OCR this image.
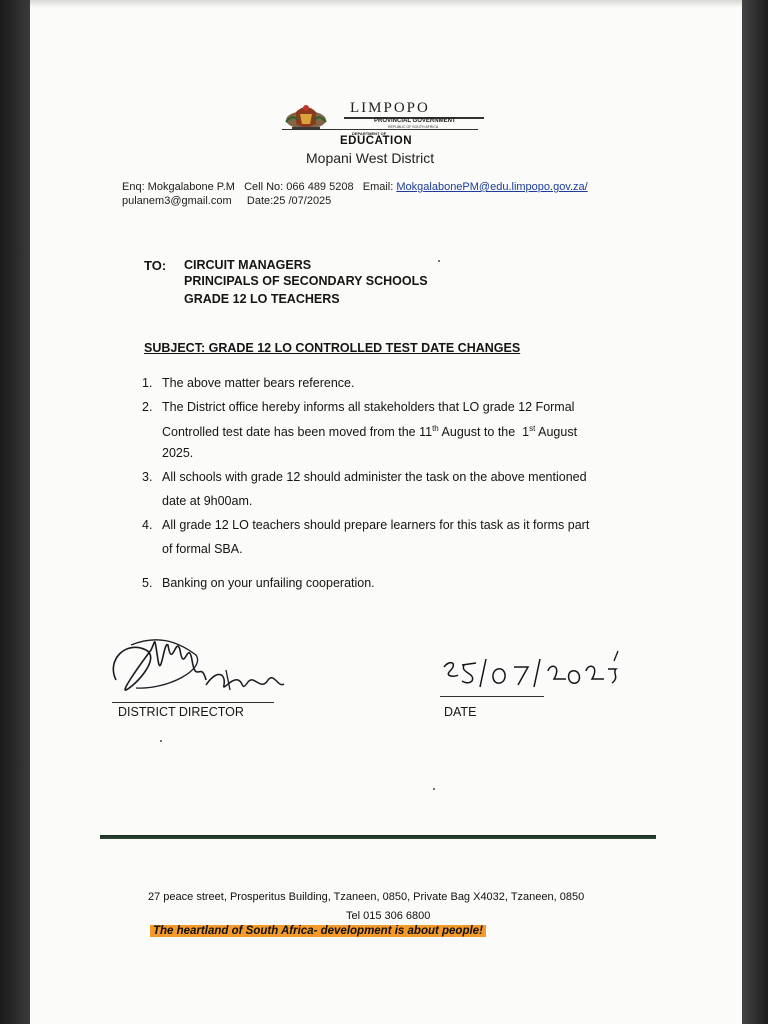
LIMPOPO
PROVINCIAL GOVERNMENT
REPUBLIC OF SOUTH AFRICA
DEPARTMENT OF
EDUCATION
Mopani West District
Enq: Mokgalabone P.M Cell No: 066 489 5208 Email: MokgalabonePM@edu.limpopo.gov.za/
pulanem3@gmail.com Date:25 /07/2025
TO: CIRCUIT MANAGERS
PRINCIPALS OF SECONDARY SCHOOLS
GRADE 12 LO TEACHERS
SUBJECT: GRADE 12 LO CONTROLLED TEST DATE CHANGES
1. The above matter bears reference.
2. The District office hereby informs all stakeholders that LO grade 12 Formal
Controlled test date has been moved from the 11th August to the  1st August
2025.
3. All schools with grade 12 should administer the task on the above mentioned
date at 9h00am.
4. All grade 12 LO teachers should prepare learners for this task as it forms part
of formal SBA.
5. Banking on your unfailing cooperation.
DISTRICT DIRECTOR	DATE
27 peace street, Prosperitus Building, Tzaneen, 0850, Private Bag X4032, Tzaneen, 0850
Tel 015 306 6800
The heartland of South Africa- development is about people!
